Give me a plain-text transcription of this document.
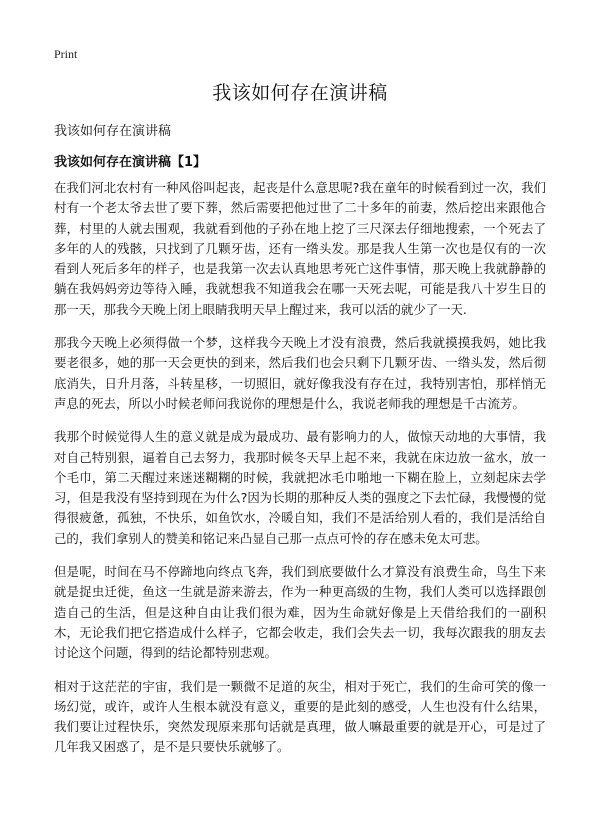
Print
我该如何存在演讲稿

我该如何存在演讲稿

我该如何存在演讲稿【1】

在我们河北农村有一种风俗叫起丧，起丧是什么意思呢?我在童年的时候看到过一次，我们村有一个老太爷去世了要下葬，然后需要把他过世了二十多年的前妻，然后挖出来跟他合葬，村里的人就去围观，我就看到他的子孙在地上挖了三尺深去仔细地搜索，一个死去了多年的人的残骸，只找到了几颗牙齿，还有一绺头发。那是我人生第一次也是仅有的一次看到人死后多年的样子，也是我第一次去认真地思考死亡这件事情，那天晚上我就静静的躺在我妈妈旁边等待入睡，我就想我不知道我会在哪一天死去呢，可能是我八十岁生日的那一天，那我今天晚上闭上眼睛我明天早上醒过来，我可以活的就少了一天.

那我今天晚上必须得做一个梦，这样我今天晚上才没有浪费，然后我就摸摸我妈，她比我要老很多，她的那一天会更快的到来，然后我们也会只剩下几颗牙齿、一绺头发，然后彻底消失，日升月落，斗转星移，一切照旧，就好像我没有存在过，我特别害怕，那样悄无声息的死去，所以小时候老师问我说你的理想是什么，我说老师我的理想是千古流芳。

我那个时候觉得人生的意义就是成为最成功、最有影响力的人，做惊天动地的大事情，我对自己特别狠，逼着自己去努力，我那时候冬天早上起不来，我就在床边放一盆水，放一个毛巾，第二天醒过来迷迷糊糊的时候，我就把冰毛巾啪地一下糊在脸上，立刻起床去学习，但是我没有坚持到现在为什么?因为长期的那种反人类的强度之下去忙碌，我慢慢的觉得很疲惫，孤独，不快乐，如鱼饮水，冷暖自知，我们不是活给别人看的，我们是活给自己的，我们拿别人的赞美和铭记来凸显自己那一点点可怜的存在感未免太可悲。

但是呢，时间在马不停蹄地向终点飞奔，我们到底要做什么才算没有浪费生命，鸟生下来就是捉虫迁徙，鱼这一生就是游来游去，作为一种更高级的生物，我们人类可以选择跟创造自己的生活，但是这种自由让我们很为难，因为生命就好像是上天借给我们的一副积木，无论我们把它搭造成什么样子，它都会收走，我们会失去一切，我每次跟我的朋友去讨论这个问题，得到的结论都特别悲观。

相对于这茫茫的宇宙，我们是一颗微不足道的灰尘，相对于死亡，我们的生命可笑的像一场幻觉，或许，或许人生根本就没有意义，重要的是此刻的感受，人生也没有什么结果，我们要让过程快乐，突然发现原来那句话就是真理，做人嘛最重要的就是开心，可是过了几年我又困惑了，是不是只要快乐就够了。
